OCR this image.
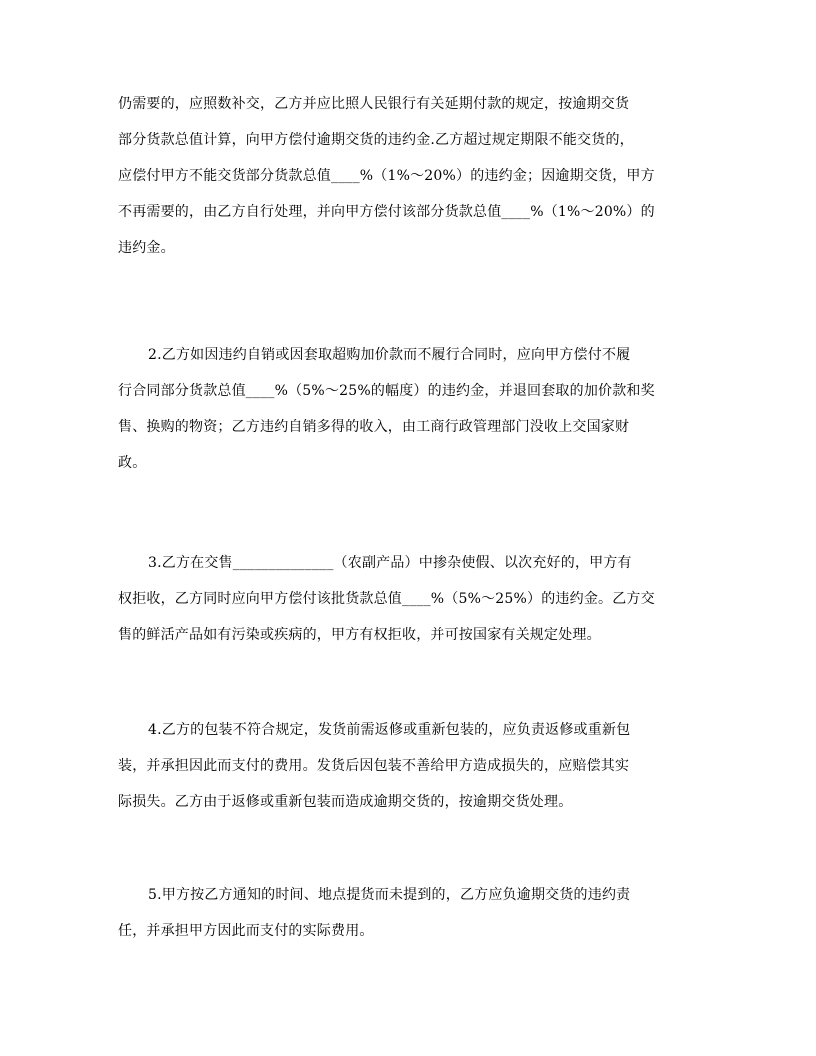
仍需要的，应照数补交，乙方并应比照人民银行有关延期付款的规定，按逾期交货
部分货款总值计算，向甲方偿付逾期交货的违约金.乙方超过规定期限不能交货的，
应偿付甲方不能交货部分货款总值____%（1%～20%）的违约金；因逾期交货，甲方
不再需要的，由乙方自行处理，并向甲方偿付该部分货款总值____%（1%～20%）的
违约金。
2.乙方如因违约自销或因套取超购加价款而不履行合同时，应向甲方偿付不履
行合同部分货款总值____%（5%～25%的幅度）的违约金，并退回套取的加价款和奖
售、换购的物资；乙方违约自销多得的收入，由工商行政管理部门没收上交国家财
政。
3.乙方在交售______________（农副产品）中掺杂使假、以次充好的，甲方有
权拒收，乙方同时应向甲方偿付该批货款总值____%（5%～25%）的违约金。乙方交
售的鲜活产品如有污染或疾病的，甲方有权拒收，并可按国家有关规定处理。
4.乙方的包装不符合规定，发货前需返修或重新包装的，应负责返修或重新包
装，并承担因此而支付的费用。发货后因包装不善给甲方造成损失的，应赔偿其实
际损失。乙方由于返修或重新包装而造成逾期交货的，按逾期交货处理。
5.甲方按乙方通知的时间、地点提货而未提到的，乙方应负逾期交货的违约责
任，并承担甲方因此而支付的实际费用。
